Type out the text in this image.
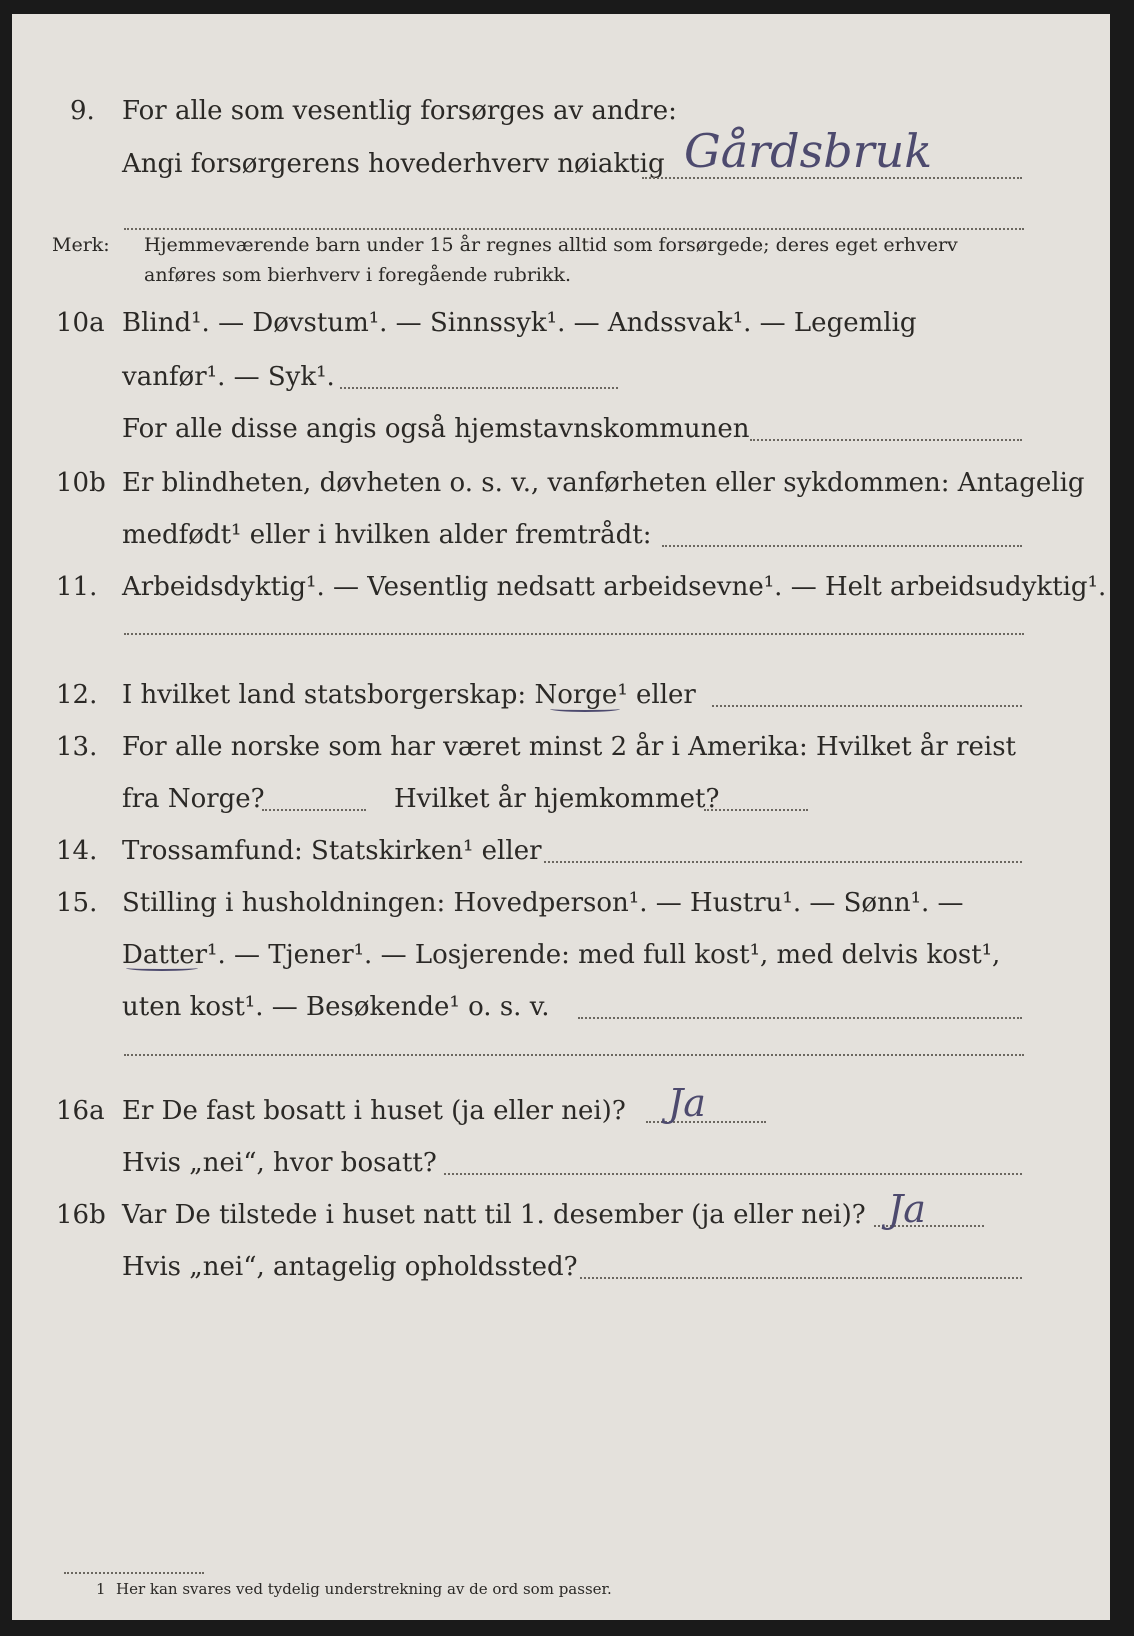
9. For alle som vesentlig forsørges av andre:
Angi forsørgerens hovederhverv nøiaktig Gårdsbruk
Merk: Hjemmeværende barn under 15 år regnes alltid som forsørgede; deres eget erhverv
anføres som bierhverv i foregående rubrikk.
10a Blind¹. — Døvstum¹. — Sinnssyk¹. — Andssvak¹. — Legemlig
vanfør¹. — Syk¹.
For alle disse angis også hjemstavnskommunen
10b Er blindheten, døvheten o. s. v., vanførheten eller sykdommen: Antagelig
medfødt¹ eller i hvilken alder fremtrådt:
11. Arbeidsdyktig¹. — Vesentlig nedsatt arbeidsevne¹. — Helt arbeidsudyktig¹.
12. I hvilket land statsborgerskap: Norge¹ eller
13. For alle norske som har været minst 2 år i Amerika: Hvilket år reist
fra Norge?	Hvilket år hjemkommet?
14. Trossamfund: Statskirken¹ eller
15. Stilling i husholdningen: Hovedperson¹. — Hustru¹. — Sønn¹. —
Datter¹. — Tjener¹. — Losjerende: med full kost¹, med delvis kost¹,
uten kost¹. — Besøkende¹ o. s. v.
16a Er De fast bosatt i huset (ja eller nei)? Ja
Hvis „nei“, hvor bosatt?
16b Var De tilstede i huset natt til 1. desember (ja eller nei)? Ja
Hvis „nei“, antagelig opholdssted?
1 Her kan svares ved tydelig understrekning av de ord som passer.
